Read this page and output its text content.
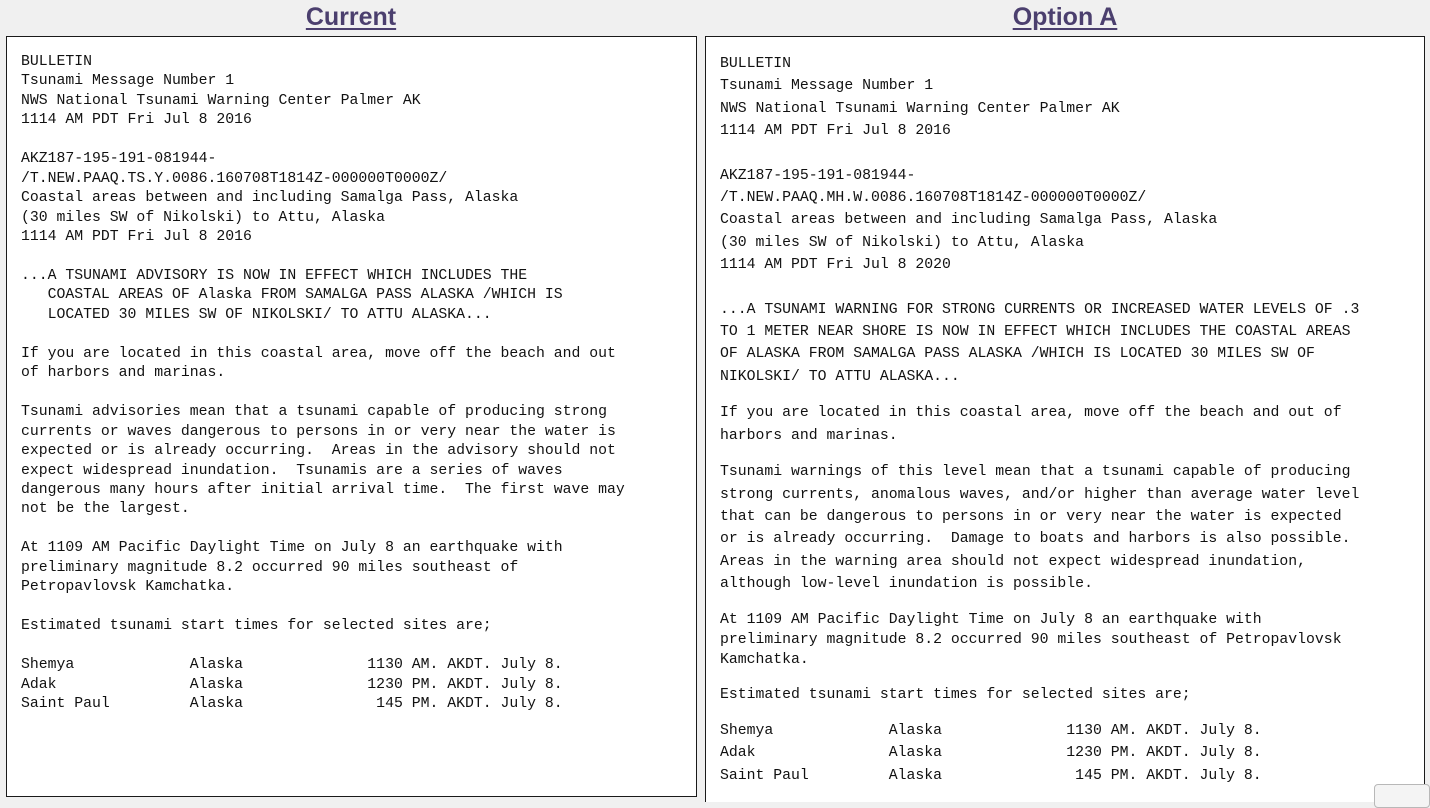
Current	Option A
BULLETIN
Tsunami Message Number 1
NWS National Tsunami Warning Center Palmer AK
1114 AM PDT Fri Jul 8 2016
AKZ187-195-191-081944-
/T.NEW.PAAQ.TS.Y.0086.160708T1814Z-000000T0000Z/
Coastal areas between and including Samalga Pass, Alaska
(30 miles SW of Nikolski) to Attu, Alaska
1114 AM PDT Fri Jul 8 2016
...A TSUNAMI ADVISORY IS NOW IN EFFECT WHICH INCLUDES THE
COASTAL AREAS OF Alaska FROM SAMALGA PASS ALASKA /WHICH IS
LOCATED 30 MILES SW OF NIKOLSKI/ TO ATTU ALASKA...
If you are located in this coastal area, move off the beach and out
of harbors and marinas.
Tsunami advisories mean that a tsunami capable of producing strong
currents or waves dangerous to persons in or very near the water is
expected or is already occurring.  Areas in the advisory should not
expect widespread inundation.  Tsunamis are a series of waves
dangerous many hours after initial arrival time.  The first wave may
not be the largest.
At 1109 AM Pacific Daylight Time on July 8 an earthquake with
preliminary magnitude 8.2 occurred 90 miles southeast of
Petropavlovsk Kamchatka.
Estimated tsunami start times for selected sites are;
Shemya             Alaska              1130 AM. AKDT. July 8.
Adak               Alaska              1230 PM. AKDT. July 8.
Saint Paul         Alaska               145 PM. AKDT. July 8.
BULLETIN
Tsunami Message Number 1
NWS National Tsunami Warning Center Palmer AK
1114 AM PDT Fri Jul 8 2016
AKZ187-195-191-081944-
/T.NEW.PAAQ.MH.W.0086.160708T1814Z-000000T0000Z/
Coastal areas between and including Samalga Pass, Alaska
(30 miles SW of Nikolski) to Attu, Alaska
1114 AM PDT Fri Jul 8 2020
...A TSUNAMI WARNING FOR STRONG CURRENTS OR INCREASED WATER LEVELS OF .3
TO 1 METER NEAR SHORE IS NOW IN EFFECT WHICH INCLUDES THE COASTAL AREAS
OF ALASKA FROM SAMALGA PASS ALASKA /WHICH IS LOCATED 30 MILES SW OF
NIKOLSKI/ TO ATTU ALASKA...
If you are located in this coastal area, move off the beach and out of
harbors and marinas.
Tsunami warnings of this level mean that a tsunami capable of producing
strong currents, anomalous waves, and/or higher than average water level
that can be dangerous to persons in or very near the water is expected
or is already occurring.  Damage to boats and harbors is also possible.
Areas in the warning area should not expect widespread inundation,
although low-level inundation is possible.
At 1109 AM Pacific Daylight Time on July 8 an earthquake with
preliminary magnitude 8.2 occurred 90 miles southeast of Petropavlovsk
Kamchatka.
Estimated tsunami start times for selected sites are;
Shemya             Alaska              1130 AM. AKDT. July 8.
Adak               Alaska              1230 PM. AKDT. July 8.
Saint Paul         Alaska               145 PM. AKDT. July 8.
